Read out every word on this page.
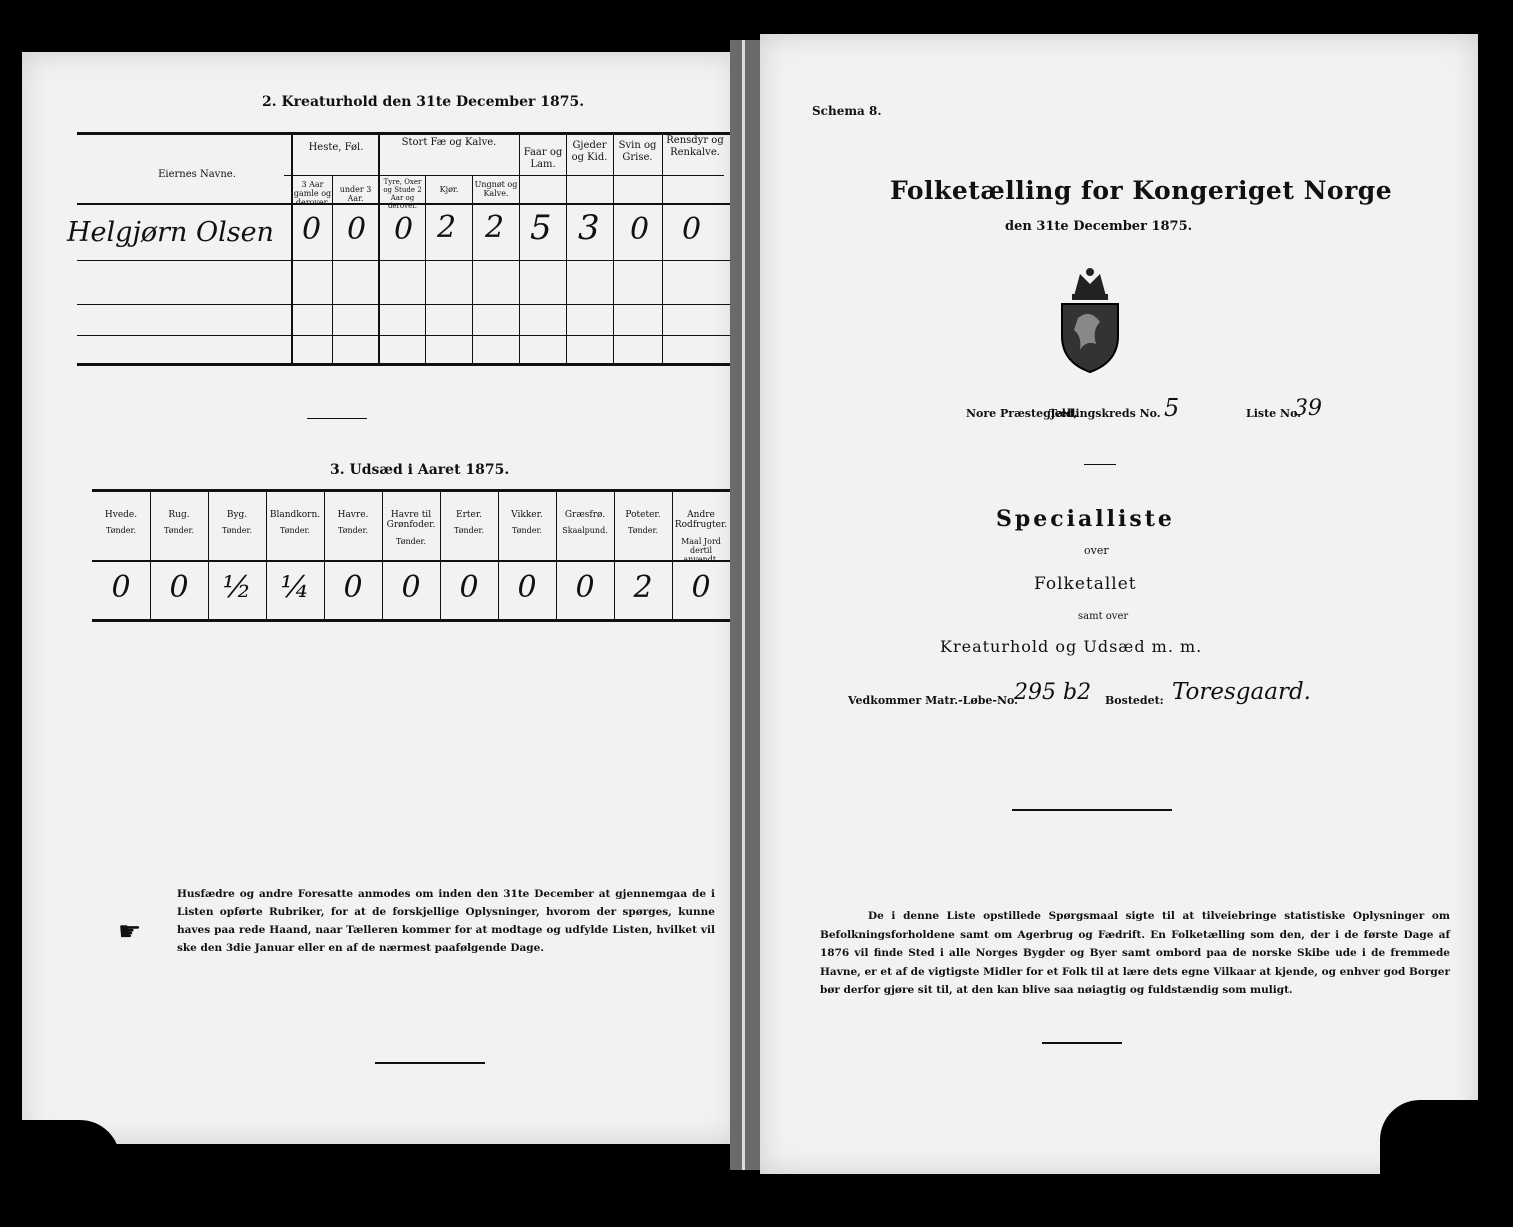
2. Kreaturhold den 31te December 1875.
Eiernes Navne.
Heste, Føl.	Stort Fæ og Kalve.
Faar og Lam.
Gjeder og Kid.
Svin og Grise.
Rensdyr og Renkalve.
3 Aar gamle og derover.
under 3 Aar.
Tyre, Oxer og Stude 2 Aar og derover.
Kjør.
Ungnøt og Kalve.
Helgjørn Olsen 0 0 0 2 2 5 3 0 0
3. Udsæd i Aaret 1875.
Hvede.
Tønder.
0
Rug.
Tønder.
0
Byg.
Tønder.
½
Blandkorn.
Tønder.
¼
Havre.
Tønder.
0
Havre til Grønfoder.
Tønder.
0
Erter.
Tønder.
0
Vikker.
Tønder.
0
Græsfrø.
Skaalpund.
0
Poteter.
Tønder.
2
Andre Rodfrugter.
Maal Jord dertil anvendt.
0
☛
Husfædre og andre Foresatte anmodes om inden den 31te December at gjennemgaa de i Listen opførte Rubriker, for at de forskjellige Oplysninger, hvorom der spørges, kunne haves paa rede Haand, naar Tælleren kommer for at modtage og udfylde Listen, hvilket vil ske den 3die Januar eller en af de nærmest paafølgende Dage.
Schema 8.
Folketælling for Kongeriget Norge
den 31te December 1875.
Nore Præstegjeld,
Tællingskreds No. 5	Liste No.
39
Specialliste
over
Folketallet
samt over
Kreaturhold og Udsæd m. m.
Vedkommer Matr.-Løbe-No.
295 b2 Bostedet: Toresgaard.
De i denne Liste opstillede Spørgsmaal sigte til at tilveiebringe statistiske Oplysninger om Befolkningsforholdene samt om Agerbrug og Fædrift. En Folketælling som den, der i de første Dage af 1876 vil finde Sted i alle Norges Bygder og Byer samt ombord paa de norske Skibe ude i de fremmede Havne, er et af de vigtigste Midler for et Folk til at lære dets egne Vilkaar at kjende, og enhver god Borger bør derfor gjøre sit til, at den kan blive saa nøiagtig og fuldstændig som muligt.
